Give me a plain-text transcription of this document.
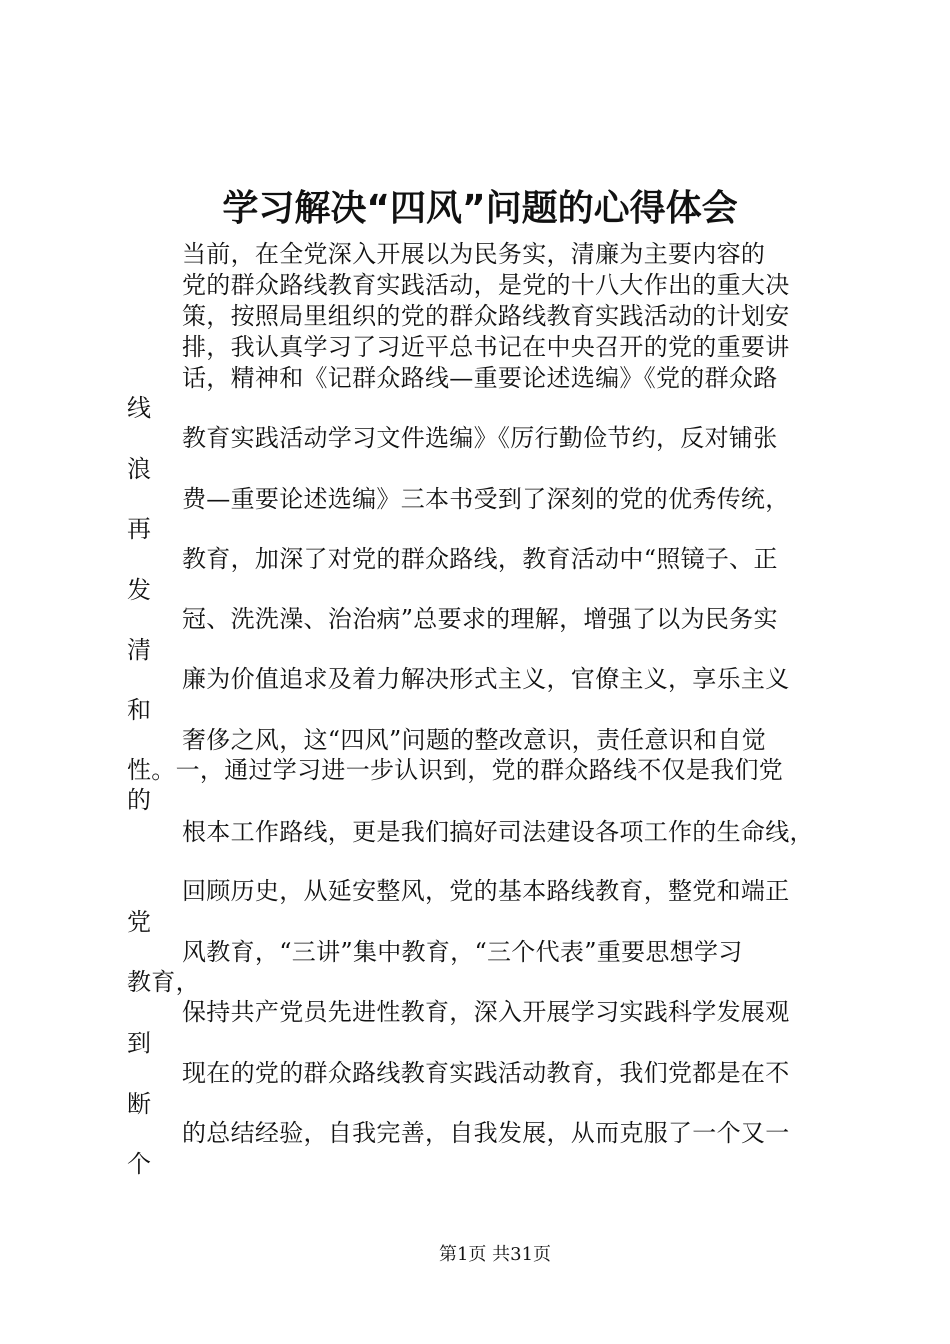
学习解决“四风”问题的心得体会
当前，在全党深入开展以为民务实，清廉为主要内容的
党的群众路线教育实践活动，是党的十八大作出的重大决
策，按照局里组织的党的群众路线教育实践活动的计划安
排，我认真学习了习近平总书记在中央召开的党的重要讲
话，精神和《记群众路线—重要论述选编》《党的群众路
线
教育实践活动学习文件选编》《厉行勤俭节约，反对铺张
浪
费—重要论述选编》三本书受到了深刻的党的优秀传统，
再
教育，加深了对党的群众路线，教育活动中“照镜子、正
发
冠、洗洗澡、治治病”总要求的理解，增强了以为民务实
清
廉为价值追求及着力解决形式主义，官僚主义，享乐主义
和
奢侈之风，这“四风”问题的整改意识，责任意识和自觉
性。一，通过学习进一步认识到，党的群众路线不仅是我们党
的
根本工作路线，更是我们搞好司法建设各项工作的生命线，
回顾历史，从延安整风，党的基本路线教育，整党和端正
党
风教育，“三讲”集中教育，“三个代表”重要思想学习
教育，
保持共产党员先进性教育，深入开展学习实践科学发展观
到
现在的党的群众路线教育实践活动教育，我们党都是在不
断
的总结经验，自我完善，自我发展，从而克服了一个又一
个
第1页 共31页
